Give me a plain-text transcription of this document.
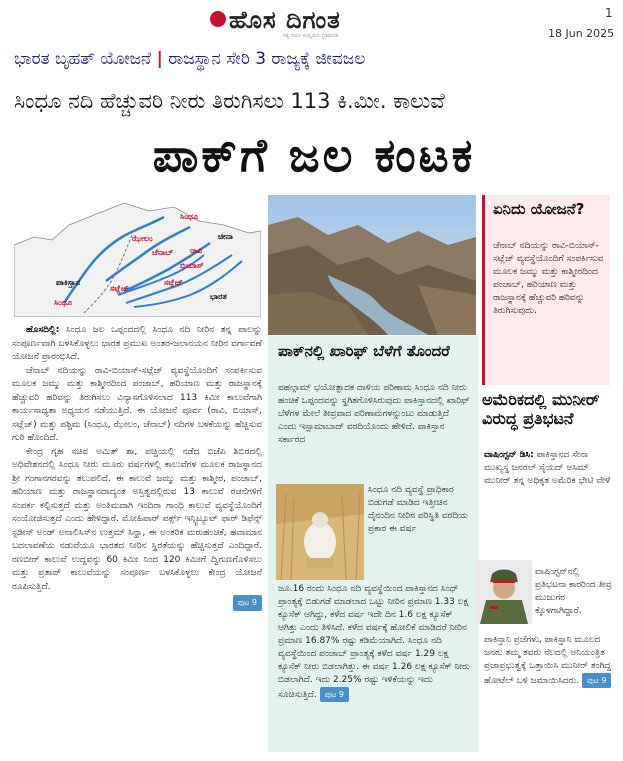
ಹೊಸ ದಿಗಂತ
ಸತ್ಯ ಧರ್ಮ ಸಂಸ್ಕೃತಿಯ ಪ್ರತಿಪಾದಕ
1
18 Jun 2025
ಭಾರತ ಬೃಹತ್ ಯೋಜನೆ | ರಾಜಸ್ಥಾನ ಸೇರಿ 3 ರಾಜ್ಯಕ್ಕೆ ಜೀವಜಲ
ಸಿಂಧೂ ನದಿ ಹೆಚ್ಚುವರಿ ನೀರು ತಿರುಗಿಸಲು 113 ಕಿ.ಮೀ. ಕಾಲುವೆ
ಪಾಕ್‌ಗೆ ಜಲ ಕಂಟಕ
ಸಿಂಧೂ
ಚೀನಾ
ಝೇಲಂ
ಚೆನಾಬ್ ರಾವಿ
ಬಿಯಾಸ್
ಪಾಕಿಸ್ತಾನ
ಸಿಂಧೂ
ಸಟ್ಲೆಜ್
ಸಟ್ಲೆಜ್
ಭಾರತ
ಏನಿದು ಯೋಜನೆ?
ಚೆನಾಬ್ ನದಿಯನ್ನು ರಾವಿ-ಬಿಯಾಸ್-ಸಟ್ಲೆಜ್ ವ್ಯವಸ್ಥೆಯೊಂದಿಗೆ ಸಂಪರ್ಕಿಸುವ ಮೂಲಕ ಜಮ್ಮು ಮತ್ತು ಕಾಶ್ಮೀರದಿಂದ ಪಂಜಾಬ್, ಹರಿಯಾಣ ಮತ್ತು ರಾಜಸ್ಥಾನಕ್ಕೆ ಹೆಚ್ಚುವರಿ ಹರಿವನ್ನು ತಿರುಗಿಸುವುದು.

ಹೊಸದಿಲ್ಲಿ: ಸಿಂಧೂ ಜಲ ಒಪ್ಪಂದದಲ್ಲಿ ಸಿಂಧೂ ನದಿ ನೀರಿನ ತನ್ನ ಪಾಲನ್ನು ಸಂಪೂರ್ಣವಾಗಿ ಬಳಸಿಕೊಳ್ಳಲು ಭಾರತ ಪ್ರಮುಖ ಅಂತರ-ಜಲಾನಯನ ನೀರಿನ ವರ್ಗಾವಣೆ ಯೋಜನೆ ಪ್ರಾರಂಭಿಸಿದೆ.

ಚೆನಾಬ್ ನದಿಯನ್ನು ರಾವಿ-ಬಿಯಾಸ್-ಸಟ್ಲೆಜ್ ವ್ಯವಸ್ಥೆಯೊಂದಿಗೆ ಸಂಪರ್ಕಿಸುವ ಮೂಲಕ ಜಮ್ಮು ಮತ್ತು ಕಾಶ್ಮೀರದಿಂದ ಪಂಜಾಬ್, ಹರಿಯಾಣ ಮತ್ತು ರಾಜಸ್ಥಾನಕ್ಕೆ ಹೆಚ್ಚುವರಿ ಹರಿವನ್ನು ತಿರುಗಿಸಲು ವಿನ್ಯಾಸಗೊಳಿಸಲಾದ 113 ಕಿಮೀ ಕಾಲುವೆಗಾಗಿ ಕಾರ್ಯಸಾಧ್ಯತಾ ಅಧ್ಯಯನ ನಡೆಯುತ್ತಿದೆ. ಈ ಯೋಜನೆ ಪೂರ್ವ (ರಾವಿ, ಬಿಯಾಸ್, ಸಟ್ಲೆಜ್) ಮತ್ತು ಪಶ್ಚಿಮ (ಸಿಂಧೂ, ಝೇಲಂ, ಚೆನಾಬ್) ನದಿಗಳ ಬಳಕೆಯನ್ನು ಹೆಚ್ಚಿಸುವ ಗುರಿ ಹೊಂದಿದೆ.

ಕೇಂದ್ರ ಗೃಹ ಸಚಿವ ಅಮಿತ್ ಶಾ, ಪಚ್ಚಿಯಲ್ಲಿ ನಡೆದ ಬಿಜೆಪಿ ಶಿಬಿರದಲ್ಲಿ ಅಧಿವೇಶನದಲ್ಲಿ ಸಿಂಧೂ ನೀರು ಮೂರು ವರ್ಷಗಳಲ್ಲಿ ಕಾಲುವೆಗಳ ಮೂಲಕ ರಾಜಸ್ಥಾನದ ಶ್ರೀ ಗಂಗಾನಗರವನ್ನು ತಲುಪಲಿದೆ. ಈ ಕಾಲುವೆ ಜಮ್ಮು ಮತ್ತು ಕಾಶ್ಮೀರ, ಪಂಜಾಬ್, ಹರಿಯಾಣ ಮತ್ತು ರಾಜಸ್ಥಾನದಾದ್ಯಂತ ಅಸ್ತಿತ್ವದಲ್ಲಿರುವ 13 ಕಾಲುವೆ ರಚನೆಗಳಿಗೆ ಸಂಪರ್ಕ ಕಲ್ಪಿಸುತ್ತದೆ ಮತ್ತು ಅಂತಿಮವಾಗಿ ಇಂದಿರಾ ಗಾಂಧಿ ಕಾಲುವೆ ವ್ಯವಸ್ಥೆಯೊಂದಿಗೆ ಸಂಯೋಜಿಸುತ್ತದೆ ಎಂದು ಹೇಳಿದ್ದಾರೆ. ಮೋಹಿಪಾರ್ ಪರ್ಕ್ಸ್ ಇನ್ಸ್ಟಿಟ್ಯೂಟ್ ಫಾರ್ ಡಿಫೆನ್ಸ್ ಸ್ಟಡೀಸ್ ಅಂಡ್ ಅನಾಲಿಸಿಸ್‌ನ ಉತ್ತಮ್ ಸಿನ್ಹಾ, ಈ ಅಂತರಿಕ ಮರುಹಂಚಿಕೆ, ಹವಾಮಾನ ಬದಲಾವಣೆಯ ನಡುವೆಯೂ ಭಾರತದ ನೀರಿನ ಸ್ಥಿರತೆಯನ್ನು ಹೆಚ್ಚಿಸುತ್ತದೆ ಎಂದಿದ್ದಾರೆ. ರಣಬೀರ್ ಕಾಲುವೆ ಉದ್ದವನ್ನು 60 ಕಿಮೀ ನಿಂದ 120 ಕಿಮೀಗೆ ದ್ವಿಗುಣಗೊಳಿಸಲು ಮತ್ತು ಪ್ರತಾಪ್ ಕಾಲುವೆಯನ್ನು ಸಂಪೂರ್ಣ ಬಳಸಿಕೊಳ್ಳಲು ಕೇಂದ್ರ ಯೋಜನೆ ರೂಪಿಸುತ್ತಿದೆ.

ಪುಟ 9
ಪಾಕ್‌ನಲ್ಲಿ ಖಾರಿಫ್ ಬೆಳೆಗೆ ತೊಂದರೆ
ಪಹಲ್ಗಾಮ್ ಭಯೋತ್ಪಾದಕ ದಾಳಿಯ ಪರಿಣಾಮ ಸಿಂಧೂ ನದಿ ನೀರು ಹಂಚಿಕೆ ಒಪ್ಪಂದವನ್ನು ಸ್ಥಗಿತಗೊಳಿಸಿರುವುದು ಪಾಕಿಸ್ತಾನದಲ್ಲಿ ಖಾರಿಫ್ ಬೆಳೆಗಳ ಮೇಲೆ ತೀವ್ರವಾದ ಪರಿಣಾಮಗಳನ್ನುಂಟು ಮಾಡುತ್ತಿದೆ ಎಂದು ಇಸ್ಲಾಮಾಬಾದ್ ವರದಿಯೊಂದು ಹೇಳಿದೆ. ಪಾಕಿಸ್ತಾನ ಸರ್ಕಾರದ
ಸಿಂಧೂ ನದಿ ವ್ಯವಸ್ಥೆ ಪ್ರಾಧಿಕಾರ ಬಿಡುಗಡೆ ಮಾಡಿದ ಇತ್ತೀಚಿನ ದೈನಂದಿನ ನೀರಿನ ಪರಿಸ್ಥಿತಿ ವರದಿಯ ಪ್ರಕಾರ ಈ ವರ್ಷ
ಜೂ.16 ರಂದು ಸಿಂಧೂ ನದಿ ವ್ಯವಸ್ಥೆಯಿಂದ ಪಾಕಿಸ್ತಾನದ ಸಿಂಧ್ ಪ್ರಾಂತ್ಯಕ್ಕೆ ಬಿಡುಗಡೆ ಮಾಡಲಾದ ಒಟ್ಟು ನೀರಿನ ಪ್ರಮಾಣ 1.33 ಲಕ್ಷ ಕ್ಯೂಸೆಕ್ ಆಗಿದ್ದು, ಕಳೆದ ವರ್ಷ ಇದೇ ದಿನ 1.6 ಲಕ್ಷ ಕ್ಯೂಸೆಕ್ ಆಗಿತ್ತು ಎಂದು ತಿಳಿಸಿದೆ. ಕಳೆದ ವರ್ಷಕ್ಕೆ ಹೋಲಿಕೆ ಮಾಡಿದರೆ ನೀರಿನ ಪ್ರಮಾಣ 16.87% ರಷ್ಟು ಕಡಿಮೆಯಾಗಿದೆ. ಸಿಂಧೂ ನದಿ ವ್ಯವಸ್ಥೆಯಿಂದ ಪಂಜಾಬ್ ಪ್ರಾಂತ್ಯಕ್ಕೆ ಕಳೆದ ವರ್ಷ 1.29 ಲಕ್ಷ ಕ್ಯೂಸೆಕ್ ನೀರು ಬಿಡಲಾಗಿತ್ತು. ಈ ವರ್ಷ 1.26 ಲಕ್ಷ ಕ್ಯೂಸೆಕ್ ನೀರು ಬಿಡಲಾಗಿದೆ. ಇದು 2.25% ರಷ್ಟು ಇಳಿಕೆಯನ್ನು ಇದು ಸೂಚಿಸುತ್ತಿದೆ. ಪುಟ 9
ಅಮೆರಿಕದಲ್ಲಿ ಮುನೀರ್ ವಿರುದ್ಧ ಪ್ರತಿಭಟನೆ
ವಾಷಿಂಗ್ಟನ್ ಡಿಸಿ: ಪಾಕಿಸ್ತಾನದ ಸೇನಾ ಮುಖ್ಯಸ್ಥ ಜನರಲ್ ಸೈಯದ್ ಅಸಿಮ್ ಮುನೀರ್ ತನ್ನ ಅಧಿಕೃತ ಅಮೆರಿಕ ಭೇಟಿ ವೇಳೆ
ವಾಷಿಂಗ್ಟನ್‌ನಲ್ಲಿ ಪ್ರತಿಭಟನಾ ಕಾರರಿಂದ ತೀವ್ರ ಮುಜುಗರ ಕ್ಕೊಳಗಾಗಿದ್ದಾರೆ.
ಪಾಕಿಸ್ತಾನಿ ಪ್ರಜೆಗಳು, ಪಾಕಿಸ್ತಾನಿ ಮೂಲದ ಜನರು ತಮ್ಮ ತವರು ನೆಲದಲ್ಲಿ ಅನಿಯಂತ್ರಿತ ಪ್ರಜಾಪ್ರಭುತ್ವಕ್ಕೆ ಒತ್ತಾಯಿಸಿ ಮುನೀರ್ ತಂಗಿದ್ದ ಹೋಟೆಲ್ ಬಳಿ ಜಮಾಯಿಸಿದರು. ಪುಟ 9
